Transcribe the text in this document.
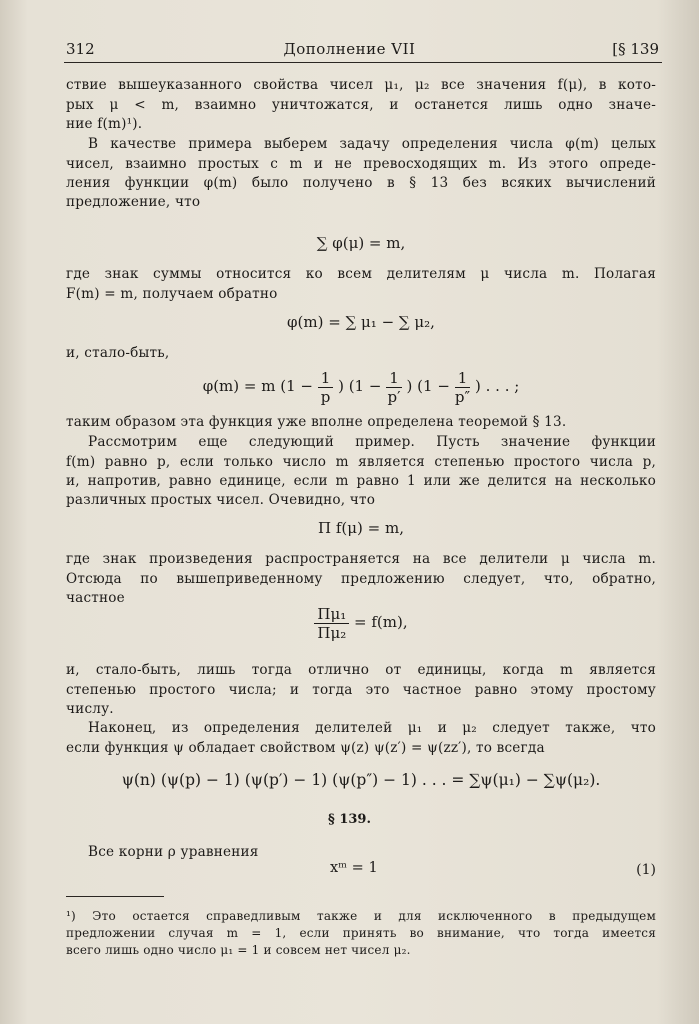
312	Дополнение VII	[§ 139
ствие вышеуказанного свойства чисел μ₁, μ₂ все значения f(μ), в кото-
рых μ < m, взаимно уничтожатся, и останется лишь одно значе-
ние f(m)¹).
В качестве примера выберем задачу определения числа φ(m) целых
чисел, взаимно простых с m и не превосходящих m. Из этого опреде-
ления функции φ(m) было получено в § 13 без всяких вычислений
предложение, что
∑ φ(μ) = m,
где знак суммы относится ко всем делителям μ числа m. Полагая
F(m) = m, получаем обратно
φ(m) = ∑ μ₁ − ∑ μ₂,
и, стало-быть,
φ(m) = m ($1 - \frac{1}{p}$ ) ($1 - \frac{1}{p'}$ ) ($1 - \frac{1}{p''}$ ) . . . ;
таким образом эта функция уже вполне определена теоремой § 13.
Рассмотрим еще следующий пример. Пусть значение функции
f(m) равно p, если только число m является степенью простого числа p,
и, напротив, равно единице, если m равно 1 или же делится на несколько
различных простых чисел. Очевидно, что
Π f(μ) = m,
где знак произведения распространяется на все делители μ числа m.
Отсюда по вышеприведенному предложению следует, что, обратно,
частное
$\frac{\text{Πμ₁}}{\text{Πμ₂}} = f(m)$,
и, стало-быть, лишь тогда отлично от единицы, когда m является
степенью простого числа; и тогда это частное равно этому простому
числу.
Наконец, из определения делителей μ₁ и μ₂ следует также, что
если функция ψ обладает свойством ψ(z) ψ(z′) = ψ(zz′), то всегда
ψ(n) (ψ(p) − 1) (ψ(p′) − 1) (ψ(p″) − 1) . . . = ∑ψ(μ₁) − ∑ψ(μ₂).
§ 139.
Все корни ρ уравнения
xᵐ = 1	(1)
¹) Это остается справедливым также и для исключенного в предыдущем
предложении случая m = 1, если принять во внимание, что тогда имеется
всего лишь одно число μ₁ = 1 и совсем нет чисел μ₂.
